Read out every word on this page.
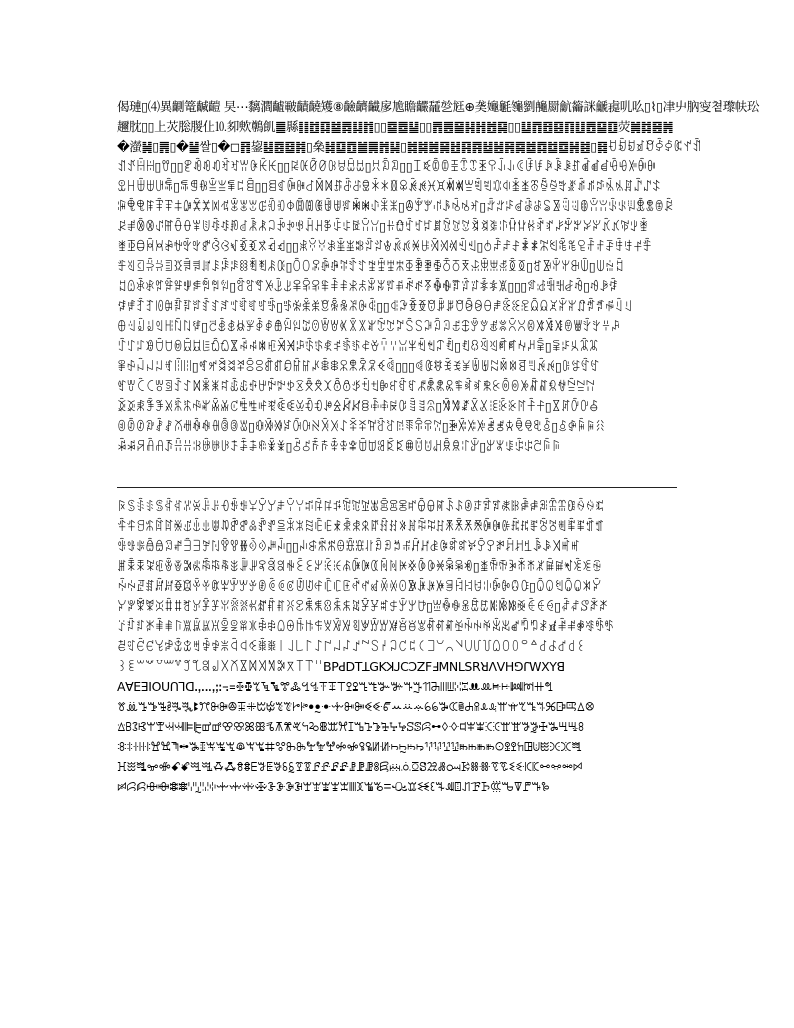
偈璉▯⑷異䶡篭䶢䶣 旲⋯黐㶄䶥皸䶦䶧矱⑧䶨䶩䶪扅尯瞻䶫䶬乻䶭⊕䶮䶯䶰䶱劉䶲罽䶳䶴詸䶵䶶䶷䶸▯⌇▯冿䶹䶺㝕쳩瓈㠸玜
趰䶻▯▯上苂䶼䶽仩⒑卶䶾鷷䶿䷀縣䷁䷂䷃䷄䷅䷆䷇▯▯䷈䷉䷊▯▯䷋䷌䷍䷎䷏䷐䷑▯▯䷒䷓䷔䷕䷖䷗䷘䷙䷚荧䷛䷜䷝䷞
�㶈䷟▯䷠▯�䷡쌀▯�◻䷢鋆䷣䷤䷥䷦▯㕖䷧䷨䷩䷪䷫䷬䷭▯䷮䷯䷰䷱䷲䷳䷴䷵䷶䷷䷸䷹䷺䷻䷼䷽䷾▯䷿ꀀꀁꀂꀃꀄꀅꀆꀇꀈꀉ
ꀊꀋꀌꀍ▯ꀎ▯▯ꀏꀐꀑꀒꀓꀔꀕꀖꀗꀘ▯▯ꀙꀚꀛꀜꀝꀞꀟꀠ▯ꀡꀢꀣ▯▯ꀤꀥꀦꀧꀨꀩꀪꀫꀬꀭꀮꀯꀰꀱꀲꀳꀴꀵꀶꀷꀸꀹꀺꀻꀼꀽ
ꀾꀿꁀꁁꁂꁃ▯ꁄꁅꁆꁇꁈꁉꁊꁋ▯▯ꁌꁍꁎꁏꁐꁑꁒꁓꁔꁕꁖꁗꁘꁙꁚꁛꁜꁝꁞꁟꁠꁡꁢꁣꁤꁥꁦꁧꁨꁩꁪꁫꁬꁭꁮꁯꁰꁱꁲꁳꁴꁵ
ꁶꁷꁸꁹꁺꁻꁼꁽꁾꁿꂀꂁꂂꂃꂄꂅꂆꂇꂈꂉꂊꂋꂌꂍꂎꂏꂐꂑꂒꂓ▯ꂔꂕꂖꂗꂘꂙꂚꂛ▯ꂜꂝꂞꂟꂠꂡꂢꂣꂤꂥꂦꂧꂨꂩꂪꂫꂬꂭꂮꂯ
ꂰꂱꂲꂳꂴꂵꂶꂷꂸꂹꂺꂻꂼꂽꂾꂿꃀꃁꃂꃃꃄꃅꃆꃇꃈꃉꃊꃋ▯ꃌꃍꃎꃏꃐꃑꃒꃓꃔꃕꃖꃗꃘꃙꃚꃛꃜꃝꃞꃟꃠꃡꃢꃣꃤꃥꃦꃧ
ꃨꃩꃪꃫꃬꃭꃮꃯꃰꃱꃲꃳꃴꃵꃶꃷꃸꃹ▯▯ꃺꃻꃼꃽꃾꃿꄀꄁꄂꄃꄄꄅꄆꄇꄈꄉꄊꄋꄌ▯ꄍꄎꄏꄐꄑꄒꄓꄔꄕꄖꄗꄘꄙꄚꄛꄜꄝꄞ
ꄟꄠꄡꄢꄣꄤꄥꄦꄧꄨꄩꄪꄫꄬꄭꄮꄯꄰ▯ꄱꄲꄳꄴꄵꄶꄷꄸꄹꄺꄻꄼꄽꄾꄿꅀꅁꅂꅃꅄꅅꅆꅇꅈꅉ▯ꅊꅋꅌꅍꅎꅏ▯ꅐꅑꅒ
ꅓꅔꅕꅖꅗꅘꅙꅚꅛꅜꅝꅞ▯ꅟꅠꅡꅢꅣꅤꅥꅦꅧꅨꅩꅪꅫꅬꅭꅮꅯꅰꅱꅲꅳꅴꅵꅶꅷꅸꅹꅺꅻ▯▯▯ꅼꅽꅾꅿꆀꆁ▯ꆂꆃꆄ
ꆅꆆꆇꆈꆉꆊꆋꆌꆍꆎꆏꆐꆑꆒꆓꆔꆕ▯ꆖꆗꆘꆙꆚꆛꆜꆝꆞꆟ▯▯ꆠꆡꆢꆣꆤꆥꆦꆧꆨꆩꆪꆫꆬꆭꆮꆯꆰꆱꆲꆳꆴꆵꆶꆷꆸꆹ
ꆺꆻꆼꆽꆾꆿꇀꇁꇂ▯ꇃꇄꇅꇆꇇꇈꇉꇊꇋꇌꇍꇎꇏꇐꇑꇒꇓꇔꇕꇖꇗꇘꇙꇚꇛꇜꇝꇞꇟꇠꇡꇢꇣꇤꇥꇦꇧꇨꇩꇪꇫꇬꇭꇮ
ꇯꇰꇱꇲꇳꇴꇵꇶꇷꇸꇹꇺꇻꇼꇽꇾꇿꈀꈁꈂꈃꈄꈅꈆꈇꈈꈉꈊꈋꈌꈍꈎꈏꈐꈑꈒ▯ꈓꈔꈕꈖꈗꈘꈙꈚꈛ▯ꈜꈝꈞꈟꈠ
ꈡꈢꈣꈤꈥꈦꈧꈨ▯ꈩꈪꈫꈬꈭꈮꈯꈰꈱꈲꈳꈴꈵꈶꈷꈸꈹꈺꈻꈼꈽ▯▯▯ꈾꈿꉀꉁꉂꉃꉄꉅꉆꉇꉈꉉꉊꉋꉌ▯ꉍꉎꉏꉐ
ꉑꉒꉓꉔꉕꉖꉗꉘꉙꉚꉛꉜꉝꉞꉟꉠꉡꉢꉣꉤꉥꉦꉧꉨꉩꉪꉫꉬꉭꉮꉯꉰꉱꉲꉳꉴꉵꉶꉷꉸꉹꉺꉻꉼꉽꉾꉿꊀꊁꊂꊃ
ꊄꊅꊆꊇꊈꊉꊊꊋꊌꊍꊎꊏꊐꊑꊒꊓꊔꊕꊖꊗꊘꊙꊚꊛꊜꊝꊞꊟꊠꊡꊢꊣꊤꊥ▯ꊦꊧꊨꊩꊪꊫꊬꊭꊮꊯꊰ▯ꊱꊲꊳꊴꊵ
ꊶꊷꊸꊹꊺꊻꊼꊽꊾꊿꋀꋁꋂꋃ▯ꋄꋅꋆꋇꋈꋉꋊꋋꋌꋍꋎꋏꋐꋑꋒꋓꋔꋕꋖꋗ▯ꋘꋙꋚꋛꋜꋝꋞꋟꋠꋡꋢ▯ꋣꋤꋥꋦꋧ
ꋨꋩꋪꋫꋬꋭꋮꋯꋰꋱꋲꋳꋴꋵꋶꋷꋸꋹ▯ꋺꋻꋼꋽꋾꋿꌀꌁꌂꌃꌄꌅꌆꌇꌈꌉꌊꌋꌌꌍ▯ꌎꌏꌐꌑꌒꌓꌔꌕ
ꌖꌗꌘꌙꌚꌛꌜꌝꌞꌟꌠꌡꌢꌣꌤꌥꌦꌧꌨꌩꌪꌫꌬꌭꌮꌯꌰꌱꌲꌳꌴꌵꌶꌷꌸꌹꌺꌻꌼꌽꌾꌿꍀꍁꍂꍃꍄꍅꍆꍇꍈꍉ
ꍊꍋꍌꍍꍎꍏꍐꍑꍒꍓꍔꍕꍖꍗꍘꍙꍚꍛꍜꍝꍞꍟꍠꍡꍢꍣꍤꍥꍦꍧꍨꍩꍪꍫꍬꍭꍮꍯꍰꍱꍲꍳꍴꍵꍶꍷꍸꍹꍺꍻꍼꍽ
ꍾꍿꎀꎁꎂꎃꎄꎅꎆꎇꎈꎉꎊꎋꎌꎍꎎꎏ▯▯ꎐꎑꎒꎓꎔꎕꎖꎗꎘꎙꎚꎛꎜꎝꎞꎟꎠꎡꎢꎣꎤꎥꎦꎧꎨꎩꎪꎫꎬꎭ
ꎮꎯꎰꎱꎲꎳꎴꎵꎶꎷꎸꎹꎺꎻꎼꎽꎾꎿꏀꏁꏂꏃꏄꏅꏆꏇꏈꏉꏊꏋꏌꏍꏎꏏꏐꏑꏒꏓ▯ꏔꏕꏖꏗꏘꏙꏚꏛꏜꏝꏞꏟꏠ
ꏡꏢꏣꏤꏥꏦꏧꏨꏩꏪꏫꏬꏭꏮꏯꏰꏱꏲꏳꏴꏵꏶꏷꏸꏹꏺꏻꏼꏽꏾꏿꐀꐁꐂꐃꐄꐅꐆꐇꐈꐉꐊꐋꐌ▯ꐍꐎꐏꐐꐑꐒꐓ
ꐔꐕꐖꐗꐘꐙꐚꐛꐜꐝꐞꐟꐠꐡꐢꐣꐤꐥꐦꐧꐨꐩꐪꐫꐬꐭꐮꐯꐰꐱꐲꐳꐴ▯ꐵꐶꐷꐸꐹꐺꐻꐼꐽꐾꐿꑀꑁ▯ꑂꑃꑄꑅꑆ
ꑇꑈꑉꑊꑋꑌꑍꑎꑏꑐꑑꑒꑓꑔꑕꑖꑗꑘꑙꑚꑛꑜꑝꑞꑟꑠꑡꑢꑣꑤꑥꑦꑧꑨꑩꑪꑫꑬꑭꑮꑯꑰꑱꑲꑳꑴꑵꑶꑷꑸꑹꑺꑻ
ꑼꑽꑾꑿꒀꒁꒂꒃꒄꒅꒆꒇꒈꒉꒊꒋꒌ꒐꒑꒒꒓꒔꒕꒖꒗꒘꒙꒚꒛꒜꒝꒞꒟꒠꒡꒢꒣꒤꒥꒦꒧꒨꒩꒪꒫꒬꒭꒮꒯꒰
꒱꒲꒳꒴꒵꒶꒷꒸꒹꒺꒻꒼꒽꒾꒿꓀꓁꓂꓃꓄꓅꓆ꓐꓑꓒꓓꓔꓕꓖꓗꓘꓙꓚꓛꓜꓝꓞꓟꓠꓡꓢꓣꓤꓥꓦꓧꓨꓩꓪꓫꓬꓭ
ꓮꓯꓰꓱꓲꓳꓴꓵꓶꓷꓸꓹꓺꓻꓼꓽ꓾꓿ꔀꔁꔂꔃꔄꔅꔆꔇꔈꔉꔊꔋꔌꔍꔎꔏꔐꔑꔒꔓꔔꔕꔖꔗꔘꔙꔚꔛꔜꔝꔞꔟꔠꔡ
ꔢꔣꔤꔥꔦꔧꔨꔩꔪꔫꔬꔭꔮꔯꔰꔱꔲꔳꔴꔵꔶꔷꔸꔹꔺꔻꔼꔽꔾꔿꕀꕁꕂꕃꕄꕅꕆꕇꕈꕉꕊꕋꕌꕍꕎꕏꕐꕑꕒꕓꕔꕕ
ꕖꕗꕘꕙꕚꕛꕜꕝꕞꕟꕠꕡꕢꕣꕤꕥꕦꕧꕨꕩꕪꕫꕬꕭꕮꕯꕰꕱꕲꕳꕴꕵꕶꕷꕸꕹꕺꕻꕼꕽꕾꕿꖀꖁꖂꖃꖄꖅꖆꖇꖈꖉ
ꖊꖋꖌꖍꖎꖏꖐꖑꖒꖓꖔꖕꖖꖗꖘꖙꖚꖛꖜꖝꖞꖟꖠꖡꖢꖣꖤꖥꖦꖧꖨꖩꖪꖫꖬꖭꖮꖯꖰꖱꖲꖳꖴꖵꖶꖷꖸꖹꖺꖻꖼꖽ
ꖾꖿꗀꗁꗂꗃꗄꗅꗆꗇꗈꗉꗊꗋꗌꗍꗎꗏꗐꗑꗒꗓꗔꗕꗖꗗꗘꗙꗚꗛꗜꗝꗞꗟꗠꗡꗢꗣꗤꗥꗦꗧꗨꗩꗪꗫꗬꗭꗮꗯ
ꗰꗱꗲꗳꗴꗵꗶꗷꗸꗹꗺꗻꗼꗽꗾꗿꘀꘁꘂꘃꘄꘅꘆꘇꘈꘉꘊꘋꘌꘐꘑꘒꘓꘔꘕꘖꘗꘘꘙꘚꘛꘜꘝꘞꘟ
